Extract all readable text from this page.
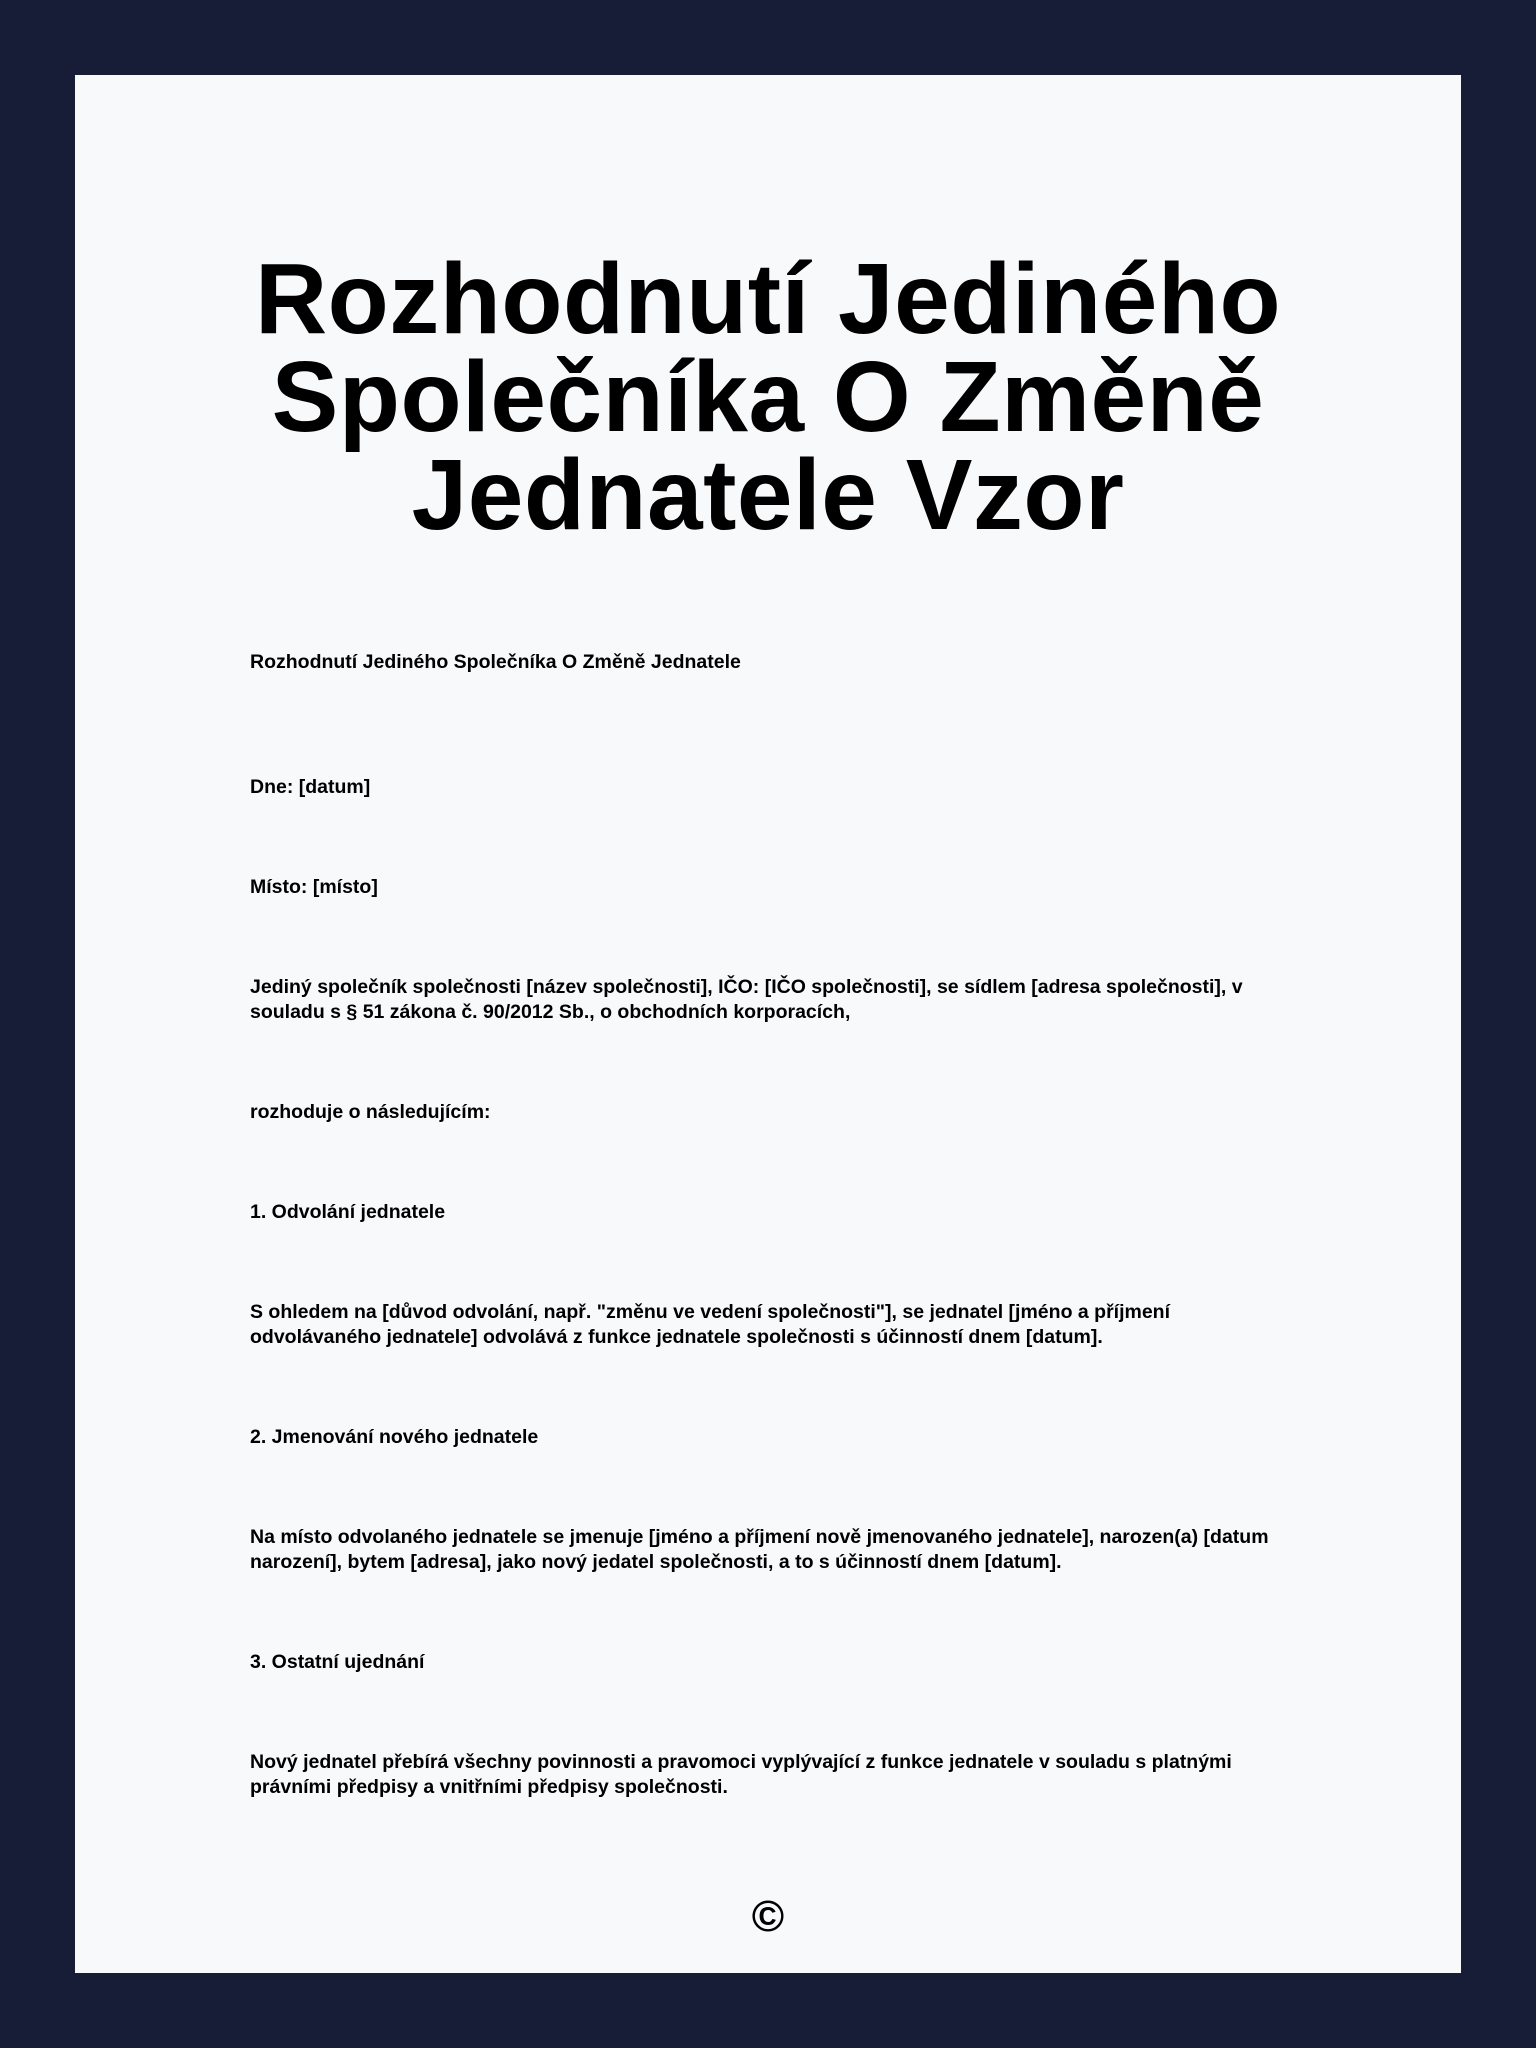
Rozhodnutí Jediného Společníka O Změně Jednatele Vzor

Rozhodnutí Jediného Společníka O Změně Jednatele

Dne: [datum]

Místo: [místo]

Jediný společník společnosti [název společnosti], IČO: [IČO společnosti], se sídlem [adresa společnosti], v souladu s § 51 zákona č. 90/2012 Sb., o obchodních korporacích,

rozhoduje o následujícím:

1. Odvolání jednatele

S ohledem na [důvod odvolání, např. "změnu ve vedení společnosti"], se jednatel [jméno a příjmení odvolávaného jednatele] odvolává z funkce jednatele společnosti s účinností dnem [datum].

2. Jmenování nového jednatele

Na místo odvolaného jednatele se jmenuje [jméno a příjmení nově jmenovaného jednatele], narozen(a) [datum narození], bytem [adresa], jako nový jedatel společnosti, a to s účinností dnem [datum].

3. Ostatní ujednání

Nový jednatel přebírá všechny povinnosti a pravomoci vyplývající z funkce jednatele v souladu s platnými právními předpisy a vnitřními předpisy společnosti.

©
